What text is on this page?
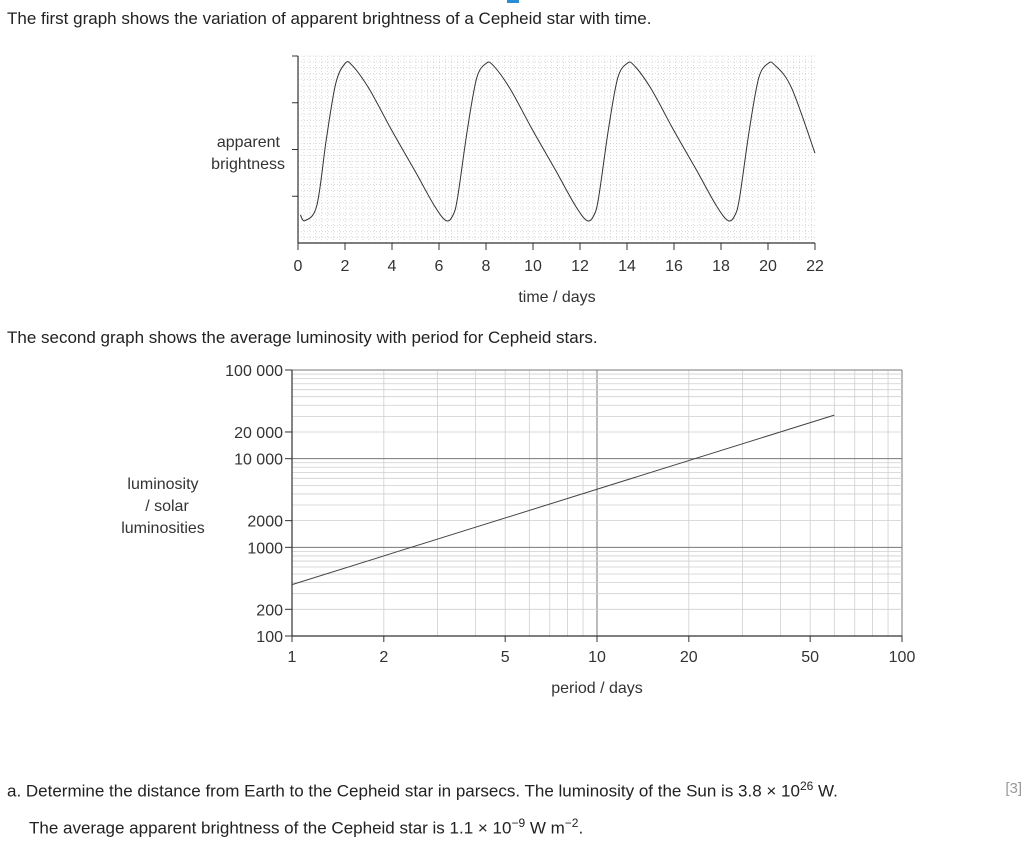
The first graph shows the variation of apparent brightness of a Cepheid star with time.
0 2 4 6 8 10 12 14 16 18 20 22
apparent
brightness
time / days
The second graph shows the average luminosity with period for Cepheid stars.
1	2	5	10	20	50	100
100
200
1000
2000
10 000
20 000
100 000
luminosity
/ solar
luminosities
period / days
a. Determine the distance from Earth to the Cepheid star in parsecs. The luminosity of the Sun is $3.8 \times 10^{26}$ W.	[3]
The average apparent brightness of the Cepheid star is $1.1 \times 10^{-9}$ W $m^{-2}$.
